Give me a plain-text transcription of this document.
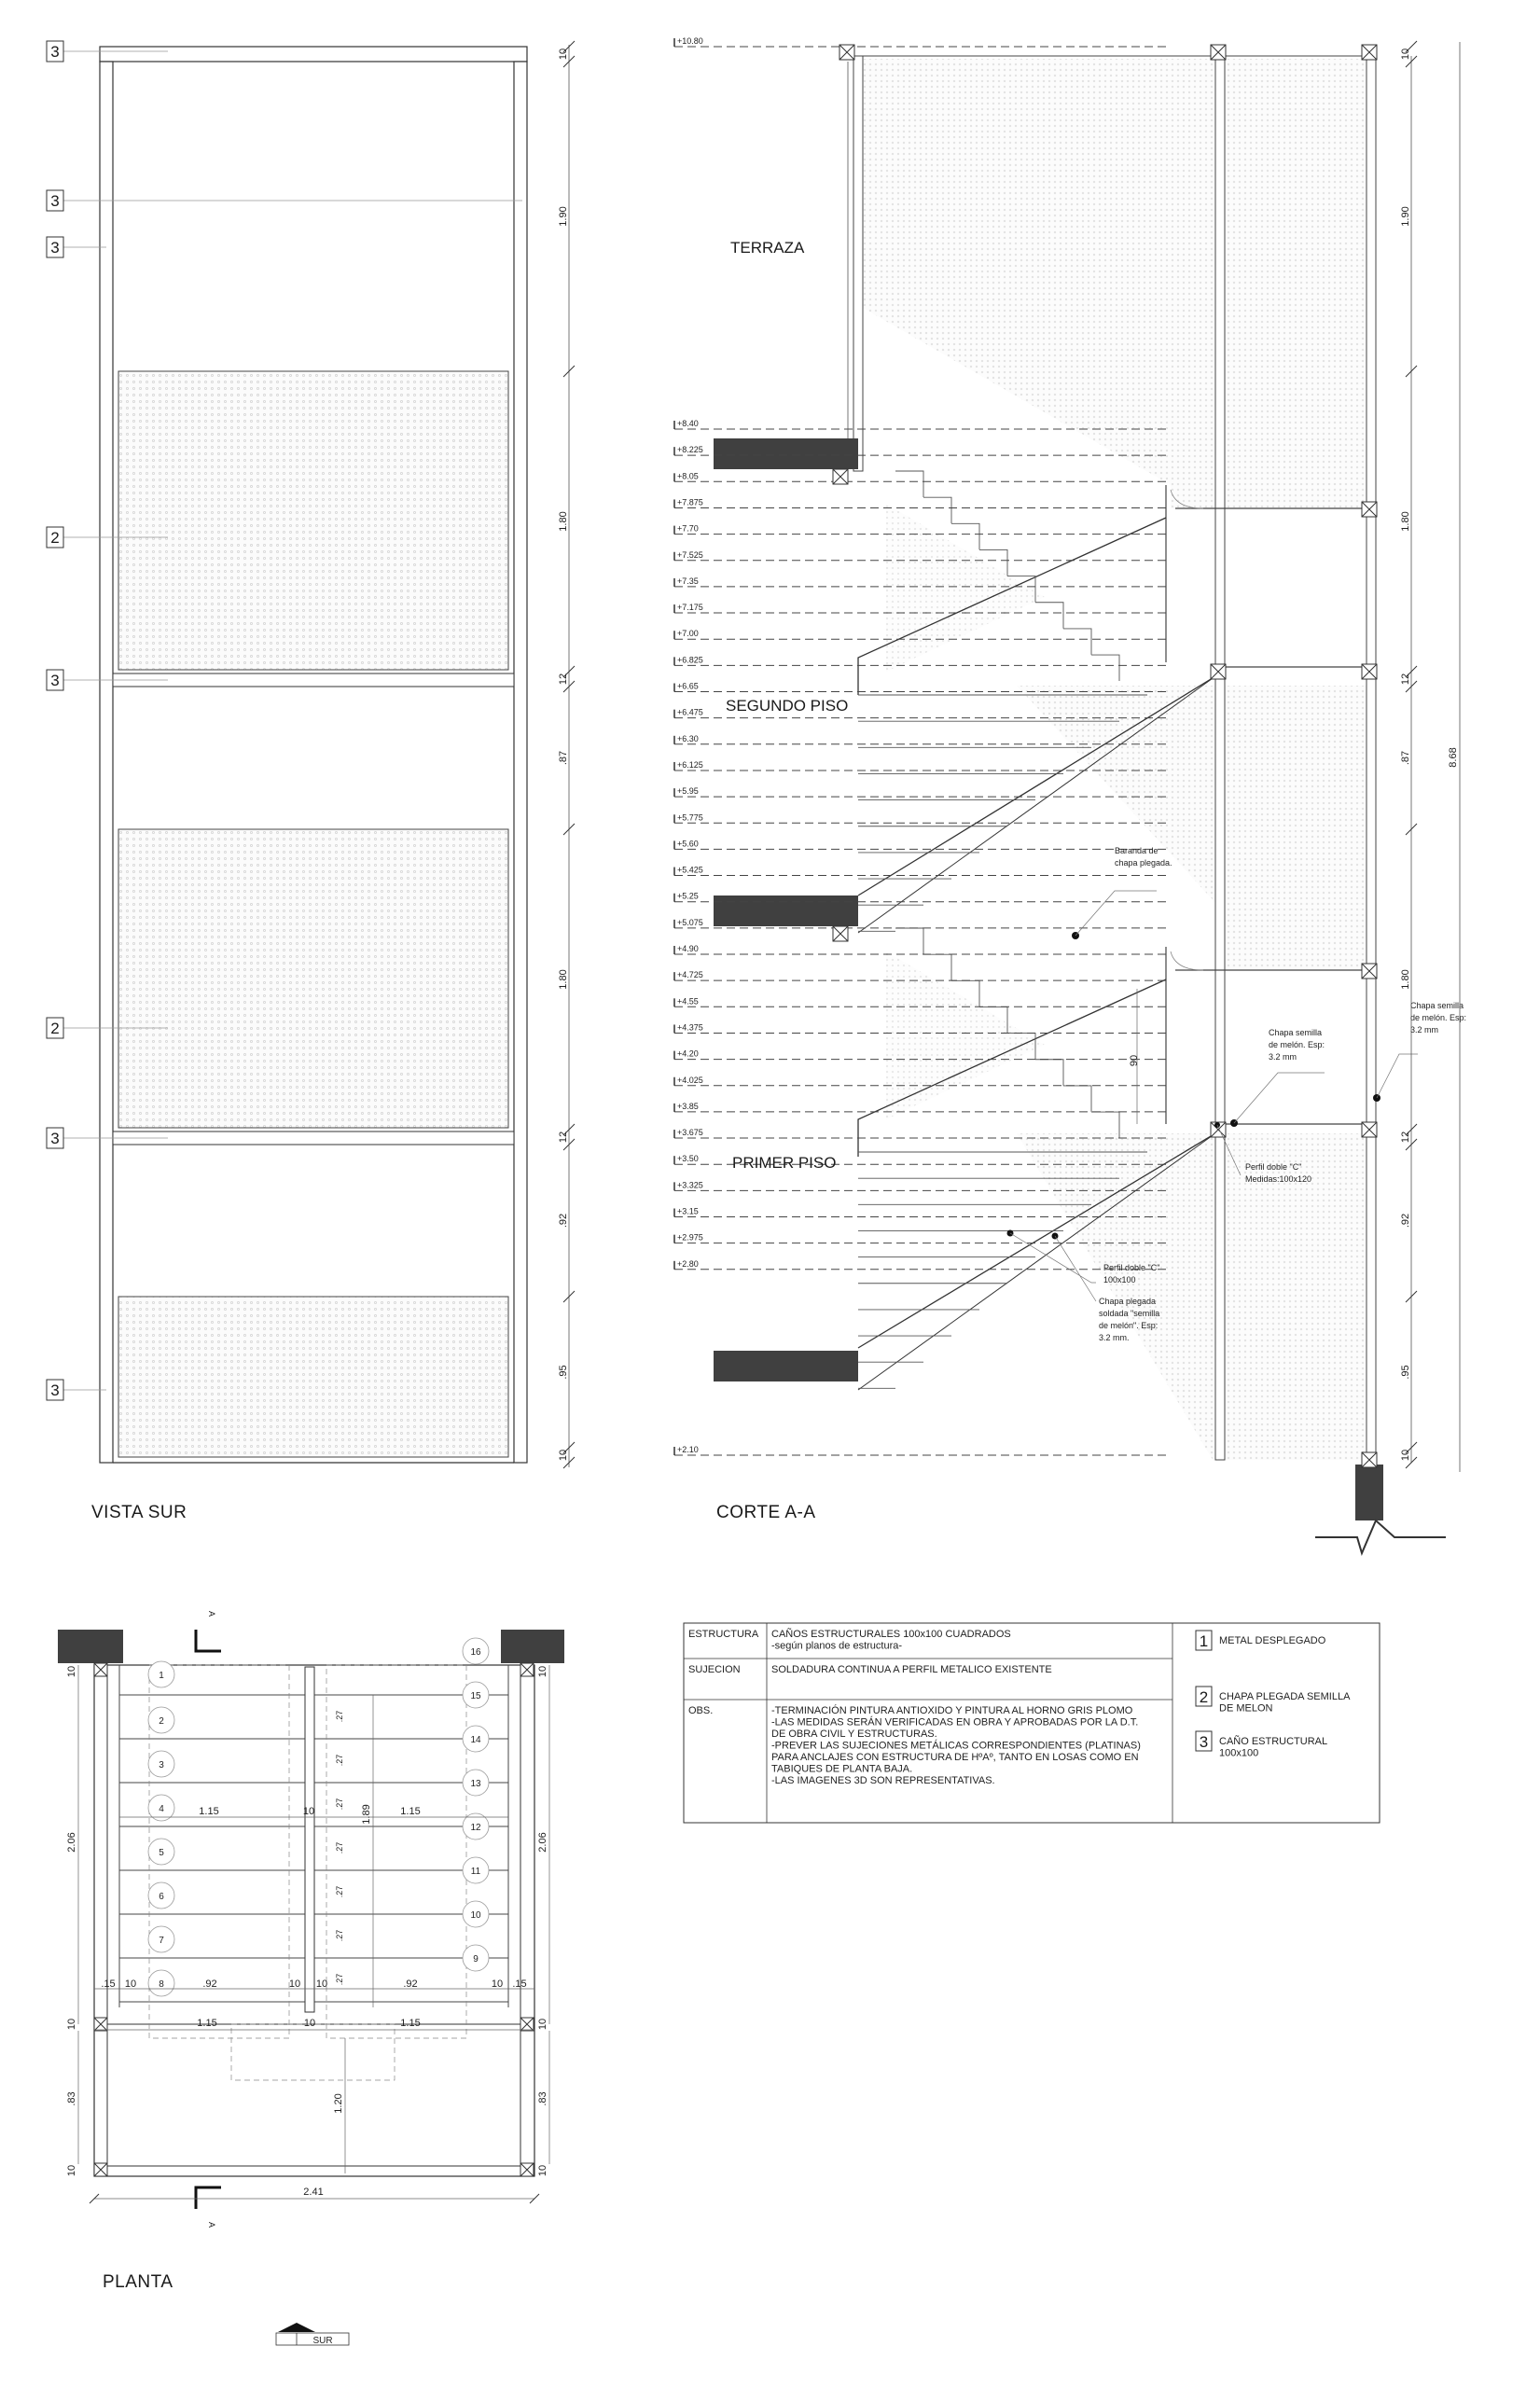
3
3
3
2
3
2
3
3
10
1.90
1.80
12
.87
1.80
12
.92
.95
10
VISTA SUR
+10.80
+8.40
+8.225
+8.05
+7.875
+7.70
+7.525
+7.35
+7.175
+7.00
+6.825
+6.65
+6.475
+6.30
+6.125
+5.95
+5.775
+5.60
+5.425
+5.25
+5.075
+4.90
+4.725
+4.55
+4.375
+4.20
+4.025
+3.85
+3.675
+3.50
+3.325
+3.15
+2.975
+2.80
+2.10
90
TERRAZA
SEGUNDO PISO
PRIMER PISO
Baranda de
chapa plegada.
Chapa semilla
de melón. Esp:
3.2 mm
Chapa semilla
de melón. Esp:
3.2 mm
Perfil doble "C"
Medidas:100x120
Perfil doble "C"
100x100
Chapa plegada
soldada "semilla
de melón". Esp:
3.2 mm.
8.68
10
1.90
1.80
12
.87
1.80
12
.92
.95
10
CORTE A-A
A
A
1
2
3
4
5
6
7
8
16
15
14
13
12
11
10
9
.27
.27
.27
.27
.27
.27
.27
1.15	10	1.15
1.89
2.06	2.06
10	10
10	10
10	10
.83	.83
.15 10	.92	10 10	.92	10 .15
1.15	10	1.15
1.20
2.41
PLANTA
SUR
ESTRUCTURA CAÑOS ESTRUCTURALES 100x100 CUADRADOS
-según planos de estructura-
SUJECION	SOLDADURA CONTINUA A PERFIL METALICO EXISTENTE
OBS.	-TERMINACIÓN PINTURA ANTIOXIDO Y PINTURA AL HORNO GRIS PLOMO
-LAS MEDIDAS SERÁN VERIFICADAS EN OBRA Y APROBADAS POR LA D.T.
DE OBRA CIVIL Y ESTRUCTURAS.
-PREVER LAS SUJECIONES METÁLICAS CORRESPONDIENTES (PLATINAS)
PARA ANCLAJES CON ESTRUCTURA DE HºAº, TANTO EN LOSAS COMO EN
TABIQUES DE PLANTA BAJA.
-LAS IMAGENES 3D SON REPRESENTATIVAS.
1 METAL DESPLEGADO
2 CHAPA PLEGADA SEMILLA
DE MELON
3 CAÑO ESTRUCTURAL
100x100
